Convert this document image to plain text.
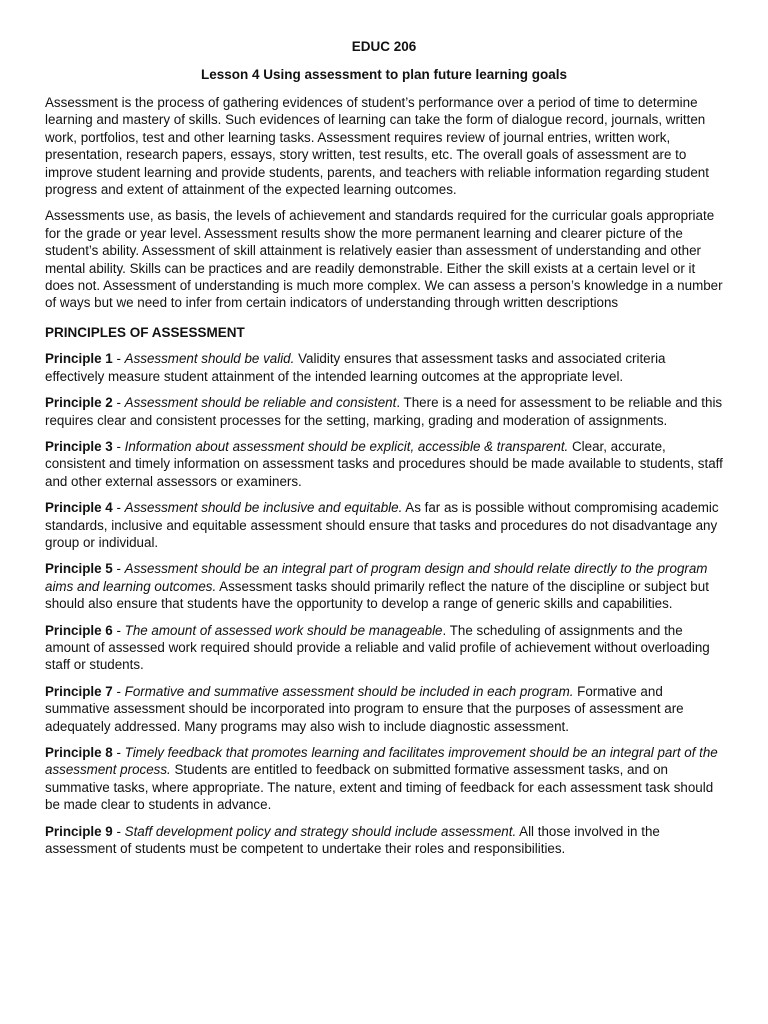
EDUC 206
Lesson 4 Using assessment to plan future learning goals

Assessment is the process of gathering evidences of student’s performance over a period of time to determine learning and mastery of skills. Such evidences of learning can take the form of dialogue record, journals, written work, portfolios, test and other learning tasks. Assessment requires review of journal entries, written work, presentation, research papers, essays, story written, test results, etc. The overall goals of assessment are to improve student learning and provide students, parents, and teachers with reliable information regarding student progress and extent of attainment of the expected learning outcomes.

Assessments use, as basis, the levels of achievement and standards required for the curricular goals appropriate for the grade or year level. Assessment results show the more permanent learning and clearer picture of the student’s ability. Assessment of skill attainment is relatively easier than assessment of understanding and other mental ability. Skills can be practices and are readily demonstrable. Either the skill exists at a certain level or it does not. Assessment of understanding is much more complex. We can assess a person’s knowledge in a number of ways but we need to infer from certain indicators of understanding through written descriptions

PRINCIPLES OF ASSESSMENT

Principle 1 - Assessment should be valid. Validity ensures that assessment tasks and associated criteria effectively measure student attainment of the intended learning outcomes at the appropriate level.

Principle 2 - Assessment should be reliable and consistent. There is a need for assessment to be reliable and this requires clear and consistent processes for the setting, marking, grading and moderation of assignments.

Principle 3 - Information about assessment should be explicit, accessible & transparent. Clear, accurate, consistent and timely information on assessment tasks and procedures should be made available to students, staff and other external assessors or examiners.

Principle 4 - Assessment should be inclusive and equitable. As far as is possible without compromising academic standards, inclusive and equitable assessment should ensure that tasks and procedures do not disadvantage any group or individual.

Principle 5 - Assessment should be an integral part of program design and should relate directly to the program aims and learning outcomes. Assessment tasks should primarily reflect the nature of the discipline or subject but should also ensure that students have the opportunity to develop a range of generic skills and capabilities.

Principle 6 - The amount of assessed work should be manageable. The scheduling of assignments and the amount of assessed work required should provide a reliable and valid profile of achievement without overloading staff or students.

Principle 7 - Formative and summative assessment should be included in each program. Formative and summative assessment should be incorporated into program to ensure that the purposes of assessment are adequately addressed. Many programs may also wish to include diagnostic assessment.

Principle 8 - Timely feedback that promotes learning and facilitates improvement should be an integral part of the assessment process. Students are entitled to feedback on submitted formative assessment tasks, and on summative tasks, where appropriate. The nature, extent and timing of feedback for each assessment task should be made clear to students in advance.

Principle 9 - Staff development policy and strategy should include assessment. All those involved in the assessment of students must be competent to undertake their roles and responsibilities.
